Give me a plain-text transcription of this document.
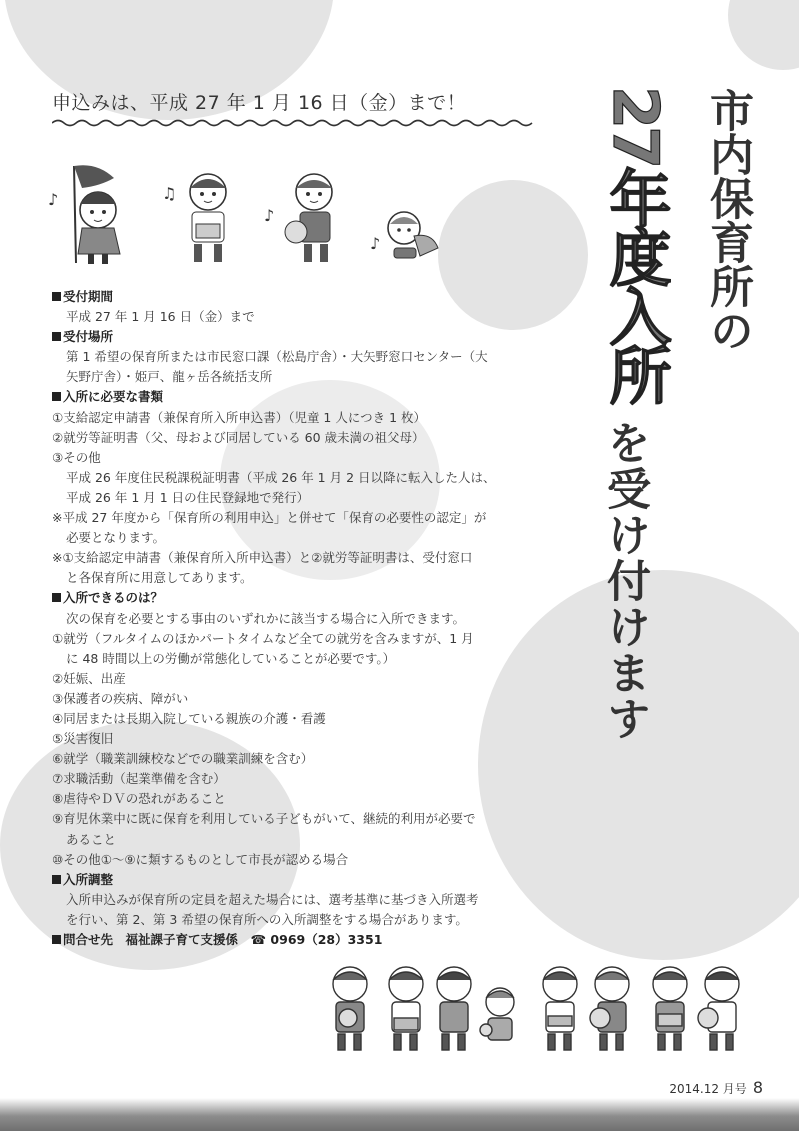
申込みは、平成 27 年 1 月 16 日（金）まで！	市内保育所の
27年度入所
を受け付けます
♪	♫
♪
♪
受付期間
平成 27 年 1 月 16 日（金）まで
受付場所
第 1 希望の保育所または市民窓口課（松島庁舎）・大矢野窓口センター（大
矢野庁舎）・姫戸、龍ヶ岳各統括支所
入所に必要な書類
①支給認定申請書（兼保育所入所申込書）（児童 1 人につき 1 枚）
②就労等証明書（父、母および同居している 60 歳未満の祖父母）
③その他
平成 26 年度住民税課税証明書（平成 26 年 1 月 2 日以降に転入した人は、
平成 26 年 1 月 1 日の住民登録地で発行）
※平成 27 年度から「保育所の利用申込」と併せて「保育の必要性の認定」が
必要となります。
※①支給認定申請書（兼保育所入所申込書）と②就労等証明書は、受付窓口
と各保育所に用意してあります。
入所できるのは？
次の保育を必要とする事由のいずれかに該当する場合に入所できます。
①就労（フルタイムのほかパートタイムなど全ての就労を含みますが、1 月
に 48 時間以上の労働が常態化していることが必要です。）
②妊娠、出産
③保護者の疾病、障がい
④同居または長期入院している親族の介護・看護
⑤災害復旧
⑥就学（職業訓練校などでの職業訓練を含む）
⑦求職活動（起業準備を含む）
⑧虐待やＤＶの恐れがあること
⑨育児休業中に既に保育を利用している子どもがいて、継続的利用が必要で
あること
⑩その他①～⑨に類するものとして市長が認める場合
入所調整
入所申込みが保育所の定員を超えた場合には、選考基準に基づき入所選考
を行い、第 2、第 3 希望の保育所への入所調整をする場合があります。
問合せ先　福祉課子育て支援係　☎ 0969（28）3351
2014.12 月号 8
